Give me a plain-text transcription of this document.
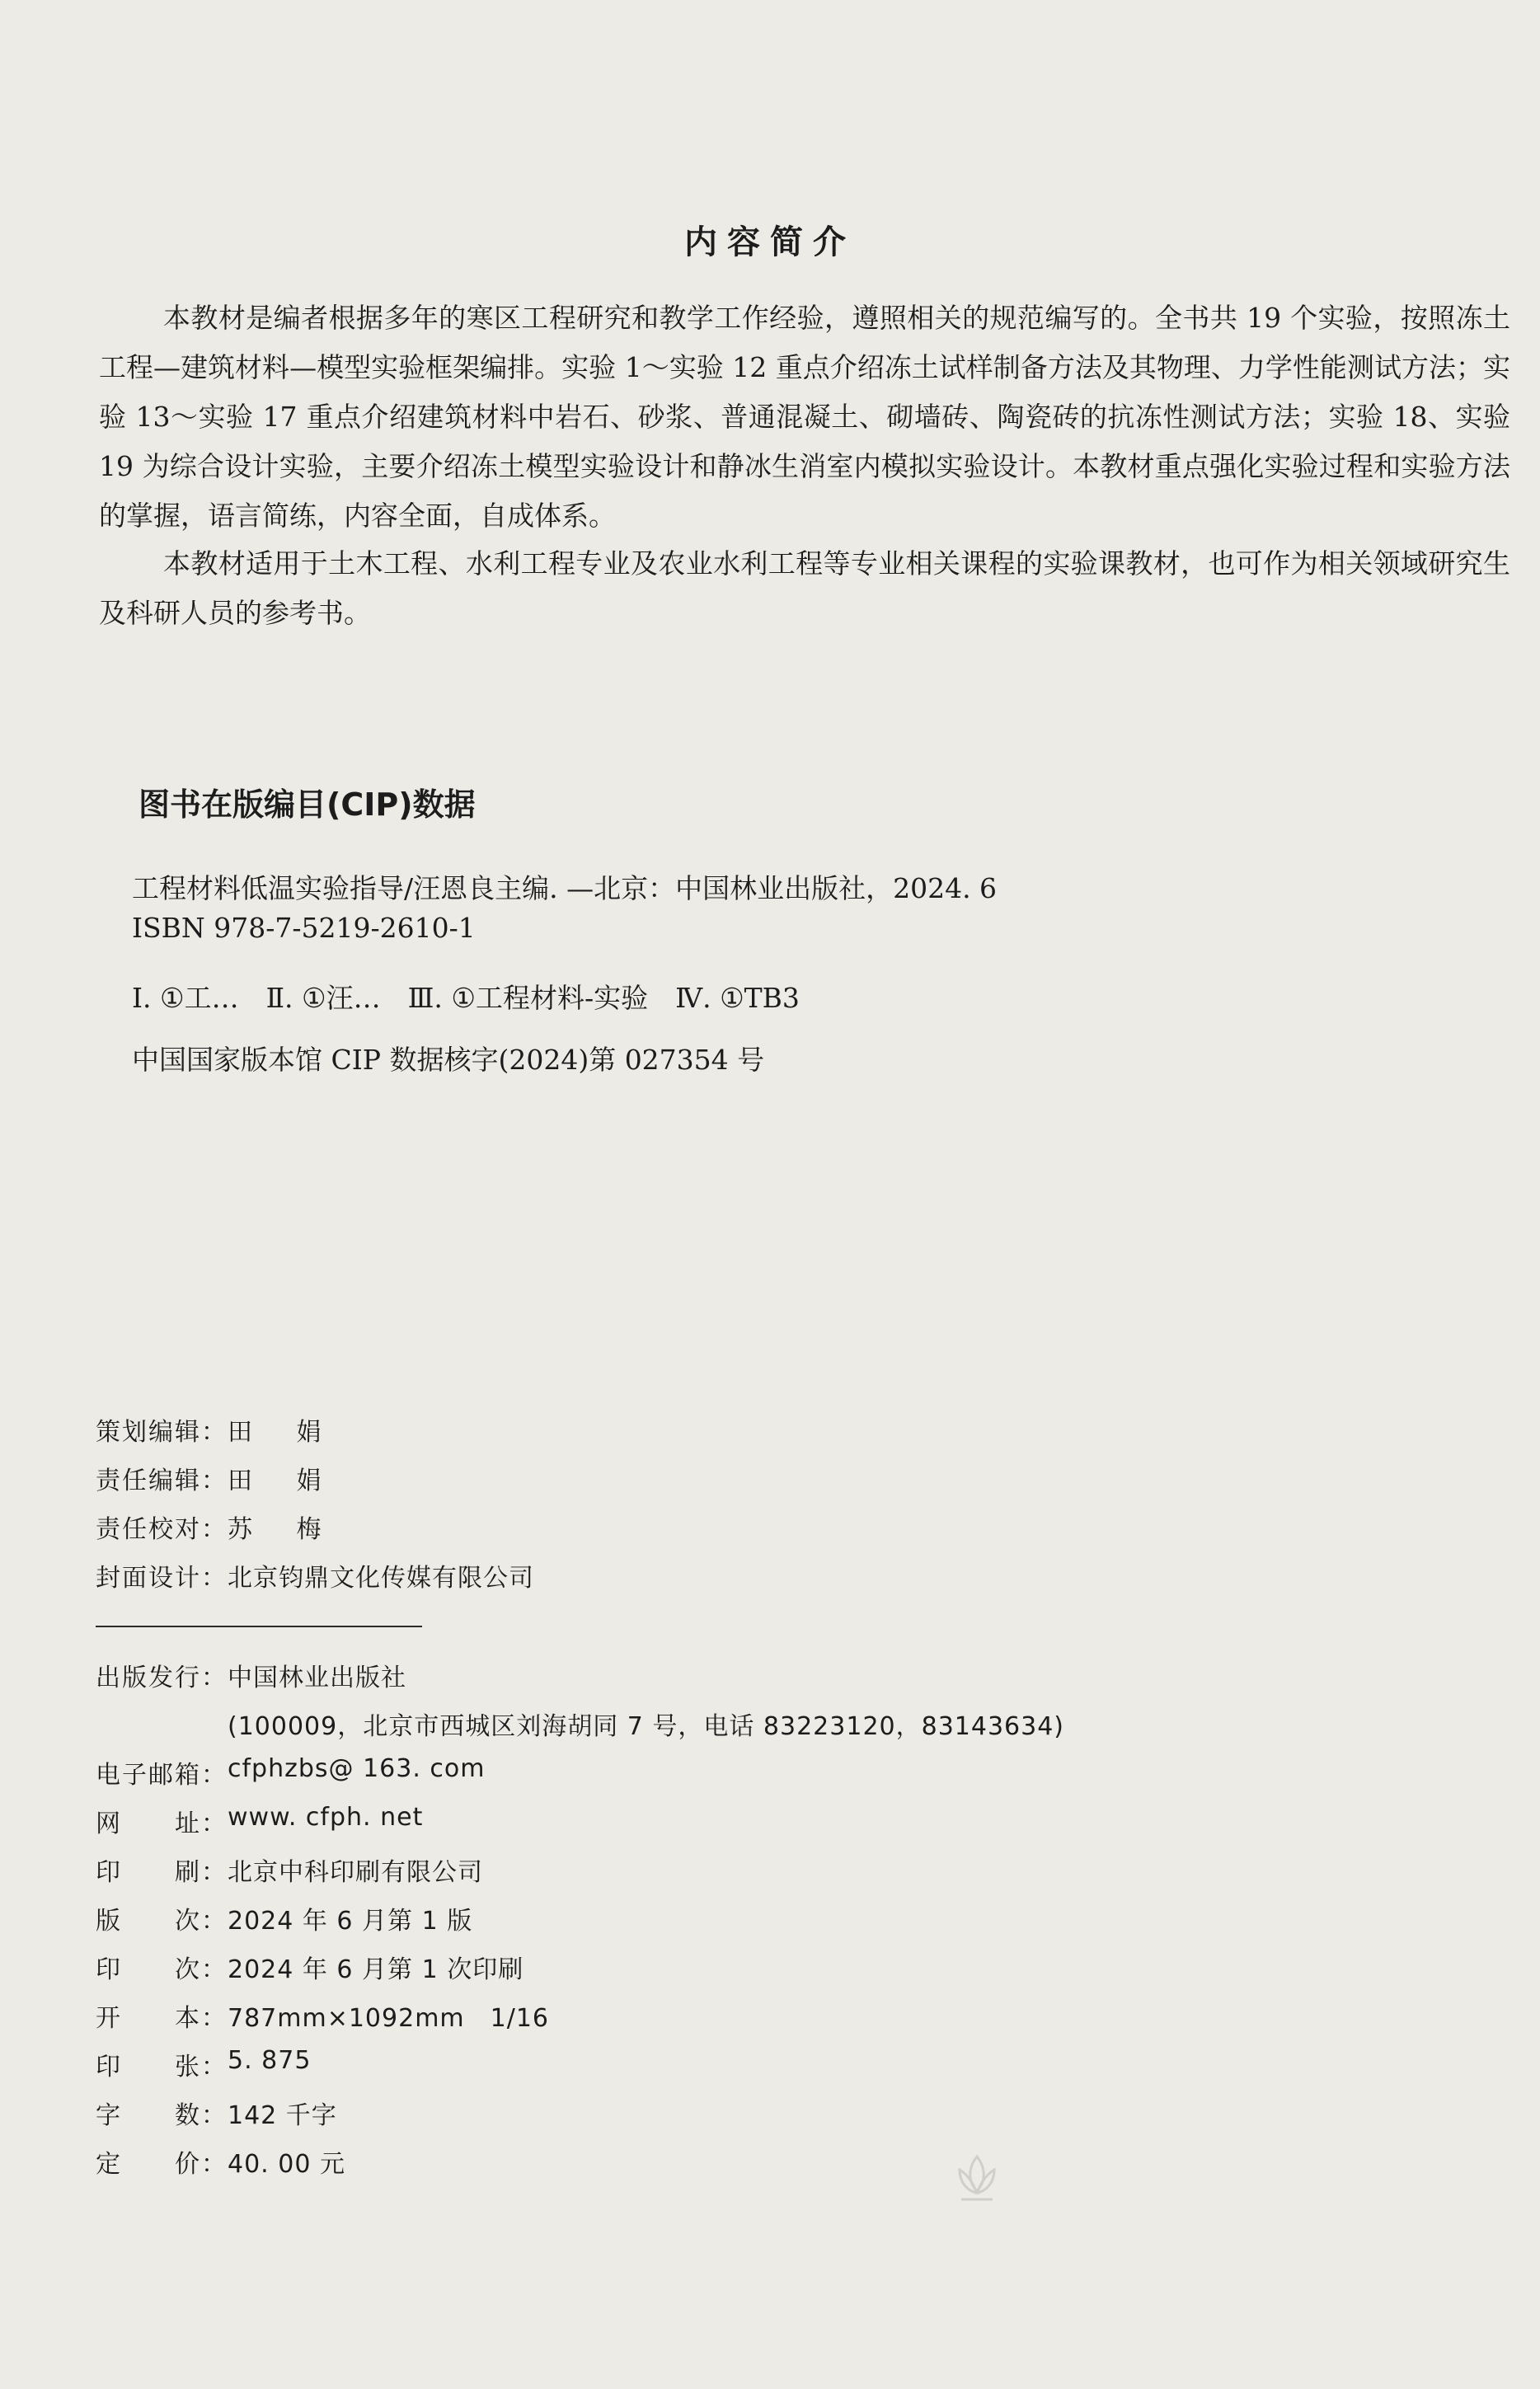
内容简介

本教材是编者根据多年的寒区工程研究和教学工作经验，遵照相关的规范编写的。全书共 19 个实验，按照冻土工程—建筑材料—模型实验框架编排。实验 1～实验 12 重点介绍冻土试样制备方法及其物理、力学性能测试方法；实验 13～实验 17 重点介绍建筑材料中岩石、砂浆、普通混凝土、砌墙砖、陶瓷砖的抗冻性测试方法；实验 18、实验 19 为综合设计实验，主要介绍冻土模型实验设计和静冰生消室内模拟实验设计。本教材重点强化实验过程和实验方法的掌握，语言简练，内容全面，自成体系。

本教材适用于土木工程、水利工程专业及农业水利工程等专业相关课程的实验课教材，也可作为相关领域研究生及科研人员的参考书。

图书在版编目(CIP)数据
工程材料低温实验指导/汪恩良主编. —北京：中国林业出版社，2024. 6
ISBN 978-7-5219-2610-1
Ⅰ. ①工…　Ⅱ. ①汪…　Ⅲ. ①工程材料-实验　Ⅳ. ①TB3
中国国家版本馆 CIP 数据核字(2024)第 027354 号
策划编辑： 田 娟
责任编辑： 田 娟
责任校对： 苏 梅
封面设计： 北京钧鼎文化传媒有限公司
出版发行： 中国林业出版社
(100009，北京市西城区刘海胡同 7 号，电话 83223120，83143634)
电子邮箱： cfphzbs@ 163. com
网　　址： www. cfph. net
印　　刷： 北京中科印刷有限公司
版　　次： 2024 年 6 月第 1 版
印　　次： 2024 年 6 月第 1 次印刷
开　　本： 787mm×1092mm　1/16
印　　张： 5. 875
字　　数： 142 千字
定　　价： 40. 00 元
